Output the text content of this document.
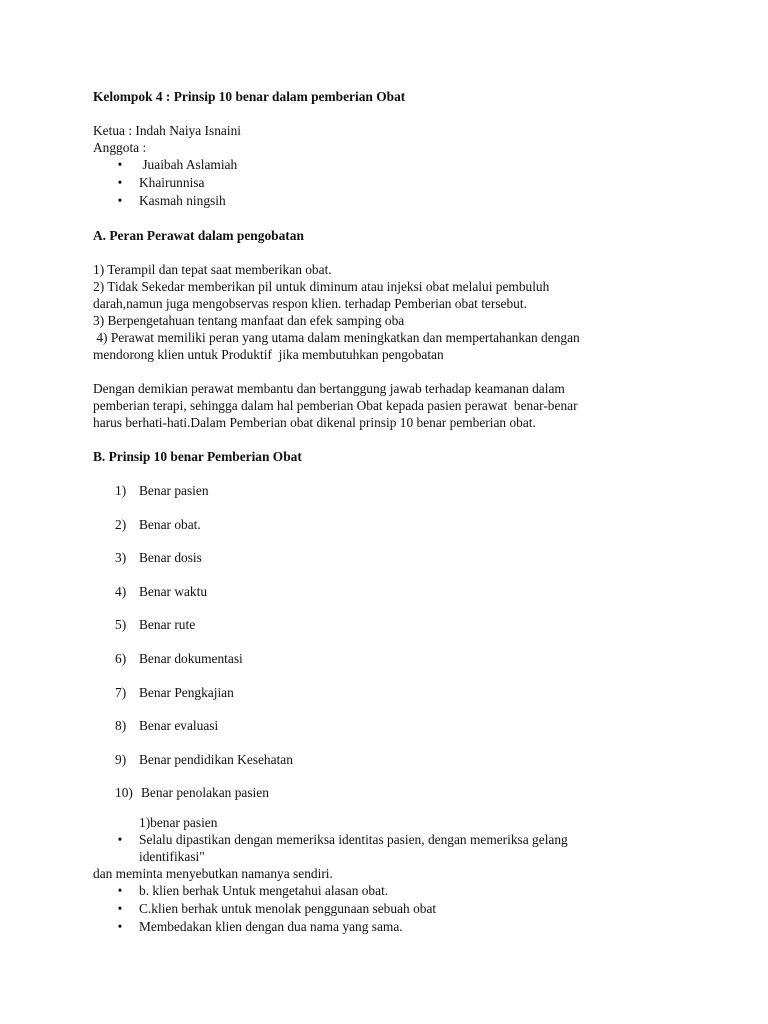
Kelompok 4 : Prinsip 10 benar dalam pemberian Obat
Ketua : Indah Naiya Isnaini
Anggota :

•

Juaibah Aslamiah

•

Khairunnisa

•

Kasmah ningsih

A. Peran Perawat dalam pengobatan
1) Terampil dan tepat saat memberikan obat.
2) Tidak Sekedar memberikan pil untuk diminum atau injeksi obat melalui pembuluh
darah,namun juga mengobservas respon klien. terhadap Pemberian obat tersebut.
3) Berpengetahuan tentang manfaat dan efek samping oba
4) Perawat memiliki peran yang utama dalam meningkatkan dan mempertahankan dengan
mendorong klien untuk Produktif  jika membutuhkan pengobatan
Dengan demikian perawat membantu dan bertanggung jawab terhadap keamanan dalam
pemberian terapi, sehingga dalam hal pemberian Obat kepada pasien perawat  benar-benar
harus berhati-hati.Dalam Pemberian obat dikenal prinsip 10 benar pemberian obat.
B. Prinsip 10 benar Pemberian Obat

1)

Benar pasien

2)

Benar obat.

3)

Benar dosis

4)

Benar waktu

5)

Benar rute

6)

Benar dokumentasi

7)

Benar Pengkajian

8)

Benar evaluasi

9)

Benar pendidikan Kesehatan

10)

Benar penolakan pasien

1)benar pasien
• Selalu dipastikan dengan memeriksa identitas pasien, dengan memeriksa gelang
identifikasi"
dan meminta menyebutkan namanya sendiri.

•

b. klien berhak Untuk mengetahui alasan obat.

•

C.klien berhak untuk menolak penggunaan sebuah obat

•

Membedakan klien dengan dua nama yang sama.
